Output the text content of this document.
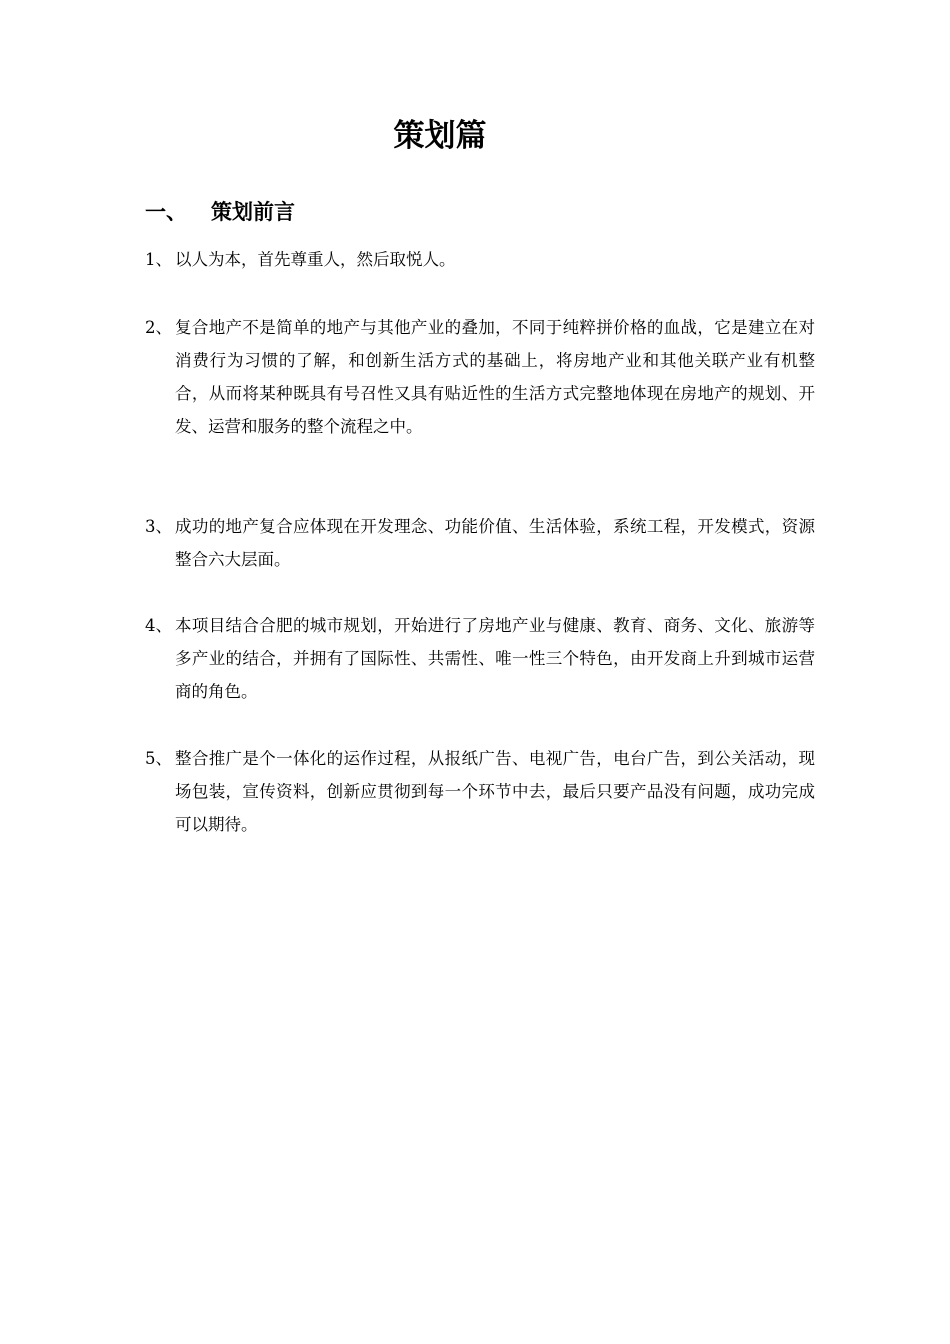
策划篇
一、 策划前言
1、 以人为本，首先尊重人，然后取悦人。
2、 复合地产不是简单的地产与其他产业的叠加，不同于纯粹拼价格的血战，它是建立在对消费行为习惯的了解，和创新生活方式的基础上，将房地产业和其他关联产业有机整合，从而将某种既具有号召性又具有贴近性的生活方式完整地体现在房地产的规划、开发、运营和服务的整个流程之中。
3、 成功的地产复合应体现在开发理念、功能价值、生活体验，系统工程，开发模式，资源整合六大层面。
4、 本项目结合合肥的城市规划，开始进行了房地产业与健康、教育、商务、文化、旅游等多产业的结合，并拥有了国际性、共需性、唯一性三个特色，由开发商上升到城市运营商的角色。
5、 整合推广是个一体化的运作过程，从报纸广告、电视广告，电台广告，到公关活动，现场包装，宣传资料，创新应贯彻到每一个环节中去，最后只要产品没有问题，成功完成可以期待。
